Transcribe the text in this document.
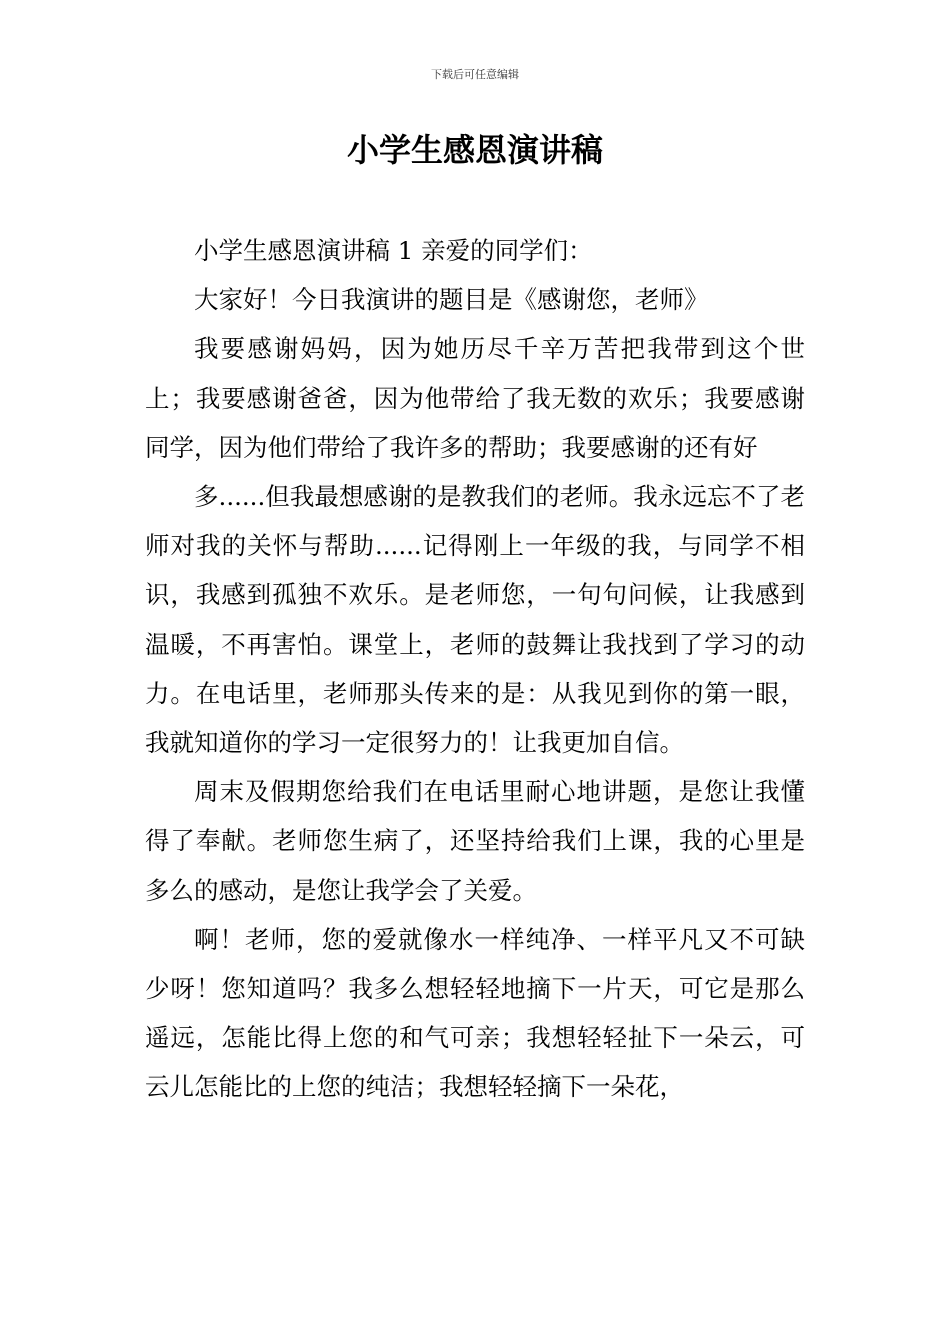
下载后可任意编辑
小学生感恩演讲稿

小学生感恩演讲稿 1 亲爱的同学们：

大家好！今日我演讲的题目是《感谢您，老师》

我要感谢妈妈，因为她历尽千辛万苦把我带到这个世上；我要感谢爸爸，因为他带给了我无数的欢乐；我要感谢同学，因为他们带给了我许多的帮助；我要感谢的还有好

多......但我最想感谢的是教我们的老师。我永远忘不了老师对我的关怀与帮助......记得刚上一年级的我，与同学不相识，我感到孤独不欢乐。是老师您，一句句问候，让我感到温暖，不再害怕。课堂上，老师的鼓舞让我找到了学习的动力。在电话里，老师那头传来的是：从我见到你的第一眼，我就知道你的学习一定很努力的！让我更加自信。

周末及假期您给我们在电话里耐心地讲题，是您让我懂得了奉献。老师您生病了，还坚持给我们上课，我的心里是多么的感动，是您让我学会了关爱。

啊！老师，您的爱就像水一样纯净、一样平凡又不可缺少呀！您知道吗？我多么想轻轻地摘下一片天，可它是那么遥远，怎能比得上您的和气可亲；我想轻轻扯下一朵云，可云儿怎能比的上您的纯洁；我想轻轻摘下一朵花，
